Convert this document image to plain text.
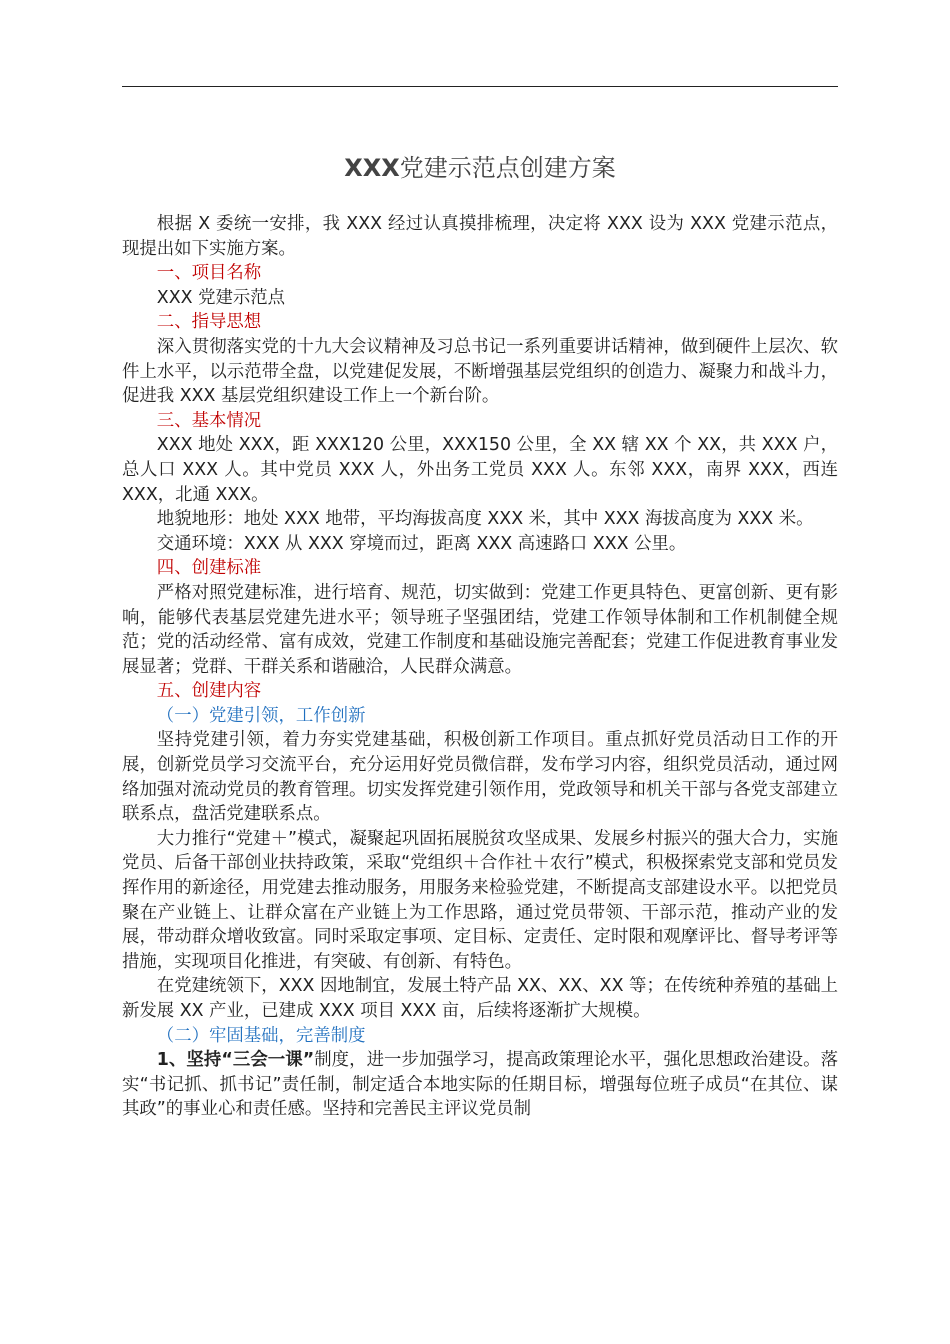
XXX党建示范点创建方案

根据 X 委统一安排，我 XXX 经过认真摸排梳理，决定将 XXX 设为 XXX 党建示范点，现提出如下实施方案。

一、项目名称

XXX 党建示范点

二、指导思想

深入贯彻落实党的十九大会议精神及习总书记一系列重要讲话精神，做到硬件上层次、软件上水平，以示范带全盘，以党建促发展，不断增强基层党组织的创造力、凝聚力和战斗力，促进我 XXX 基层党组织建设工作上一个新台阶。

三、基本情况

XXX 地处 XXX，距 XXX120 公里，XXX150 公里，全 XX 辖 XX 个 XX，共 XXX 户，总人口 XXX 人。其中党员 XXX 人，外出务工党员 XXX 人。东邻 XXX，南界 XXX，西连 XXX，北通 XXX。

地貌地形：地处 XXX 地带，平均海拔高度 XXX 米，其中 XXX 海拔高度为 XXX 米。

交通环境：XXX 从 XXX 穿境而过，距离 XXX 高速路口 XXX 公里。

四、创建标准

严格对照党建标准，进行培育、规范，切实做到：党建工作更具特色、更富创新、更有影响，能够代表基层党建先进水平；领导班子坚强团结，党建工作领导体制和工作机制健全规范；党的活动经常、富有成效，党建工作制度和基础设施完善配套；党建工作促进教育事业发展显著；党群、干群关系和谐融洽，人民群众满意。

五、创建内容

（一）党建引领，工作创新

坚持党建引领，着力夯实党建基础，积极创新工作项目。重点抓好党员活动日工作的开展，创新党员学习交流平台，充分运用好党员微信群，发布学习内容，组织党员活动，通过网络加强对流动党员的教育管理。切实发挥党建引领作用，党政领导和机关干部与各党支部建立联系点，盘活党建联系点。

大力推行“党建＋”模式，凝聚起巩固拓展脱贫攻坚成果、发展乡村振兴的强大合力，实施党员、后备干部创业扶持政策，采取“党组织＋合作社＋农行”模式，积极探索党支部和党员发挥作用的新途径，用党建去推动服务，用服务来检验党建，不断提高支部建设水平。以把党员聚在产业链上、让群众富在产业链上为工作思路，通过党员带领、干部示范，推动产业的发展，带动群众增收致富。同时采取定事项、定目标、定责任、定时限和观摩评比、督导考评等措施，实现项目化推进，有突破、有创新、有特色。

在党建统领下，XXX 因地制宜，发展土特产品 XX、XX、XX 等；在传统种养殖的基础上新发展 XX 产业，已建成 XXX 项目 XXX 亩，后续将逐渐扩大规模。

（二）牢固基础，完善制度

1、坚持“三会一课”制度，进一步加强学习，提高政策理论水平，强化思想政治建设。落实“书记抓、抓书记”责任制，制定适合本地实际的任期目标，增强每位班子成员“在其位、谋其政”的事业心和责任感。坚持和完善民主评议党员制
